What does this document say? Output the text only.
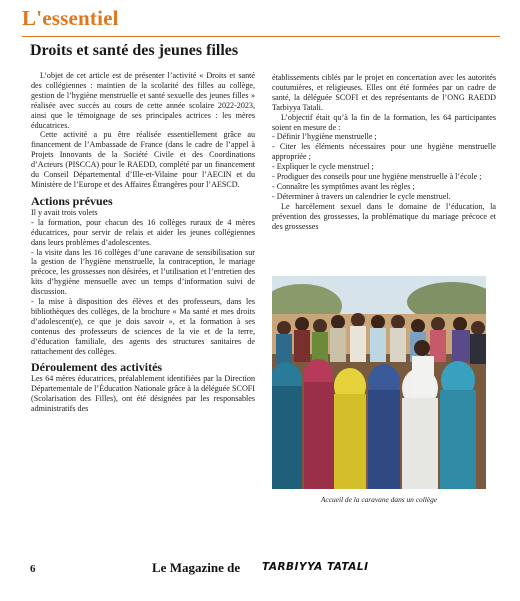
L'essentiel
Droits et santé des jeunes filles

L’objet de cet article est de présenter l’activité « Droits et santé des collégiennes : maintien de la scolarité des filles au collège, gestion de l’hygiène menstruelle et santé sexuelle des jeunes filles » réalisée avec succès au cours de cette année scolaire 2022-2023, ainsi que le témoignage de ses principales actrices : les mères éducatrices.

Cette activité a pu être réalisée essentiellement grâce au financement de l’Ambassade de France (dans le cadre de l’appel à Projets Innovants de la Société Civile et des Coordinations d’Acteurs (PISCCA) pour le RAEDD, complété par un financement du Conseil Départemental d’Ille-et-Vilaine pour l’AECIN et du Ministère de l’Europe et des Affaires Étrangères pour l’AESCD.

Actions prévues

Il y avait trois volets

- la formation, pour chacun des 16 collèges ruraux de 4 mères éducatrices, pour servir de relais et aider les jeunes collégiennes dans leurs problèmes d’adolescentes.

- la visite dans les 16 collèges d’une caravane de sensibilisation sur la gestion de l’hygiène menstruelle, la contraception, le mariage précoce, les grossesses non désirées, et l’utilisation et l’entretien des kits d’hygiène mensuelle avec un temps d’information suivi de discussion.

- la mise à disposition des élèves et des professeurs, dans les bibliothèques des collèges, de la brochure « Ma santé et mes droits d’adolescent(e), ce que je dois savoir », et la formation à ses contenus des professeurs de sciences de la vie et de la terre, d’éducation familiale, des agents des structures sanitaires de rattachement des collèges.

Déroulement des activités

Les 64 mères éducatrices, préalablement identifiées par la Direction Départementale de l’Éducation Nationale grâce à la déléguée SCOFI (Scolarisation des Filles), ont été désignées par les responsables administratifs des

établissements ciblés par le projet en concertation avec les autorités coutumières, et religieuses. Elles ont été formées par un cadre de santé, la déléguée SCOFI et des représentants de l’ONG RAEDD Tarbiyya Tatali.

L’objectif était qu’à la fin de la formation, les 64 participantes soient en mesure de :

- Définir l’hygiène menstruelle ;

- Citer les éléments nécessaires pour une hygiène menstruelle appropriée ;

- Expliquer le cycle menstruel ;

- Prodiguer des conseils pour une hygiène menstruelle à l’école ;

- Connaître les symptômes avant les règles ;

- Déterminer à travers un calendrier le cycle menstruel.

Le harcèlement sexuel dans le domaine de l’éducation, la prévention des grossesses, la problématique du mariage précoce et des grossesses

Accueil de la caravane dans un collège
6	Le Magazine de TARBIYYA TATALI
